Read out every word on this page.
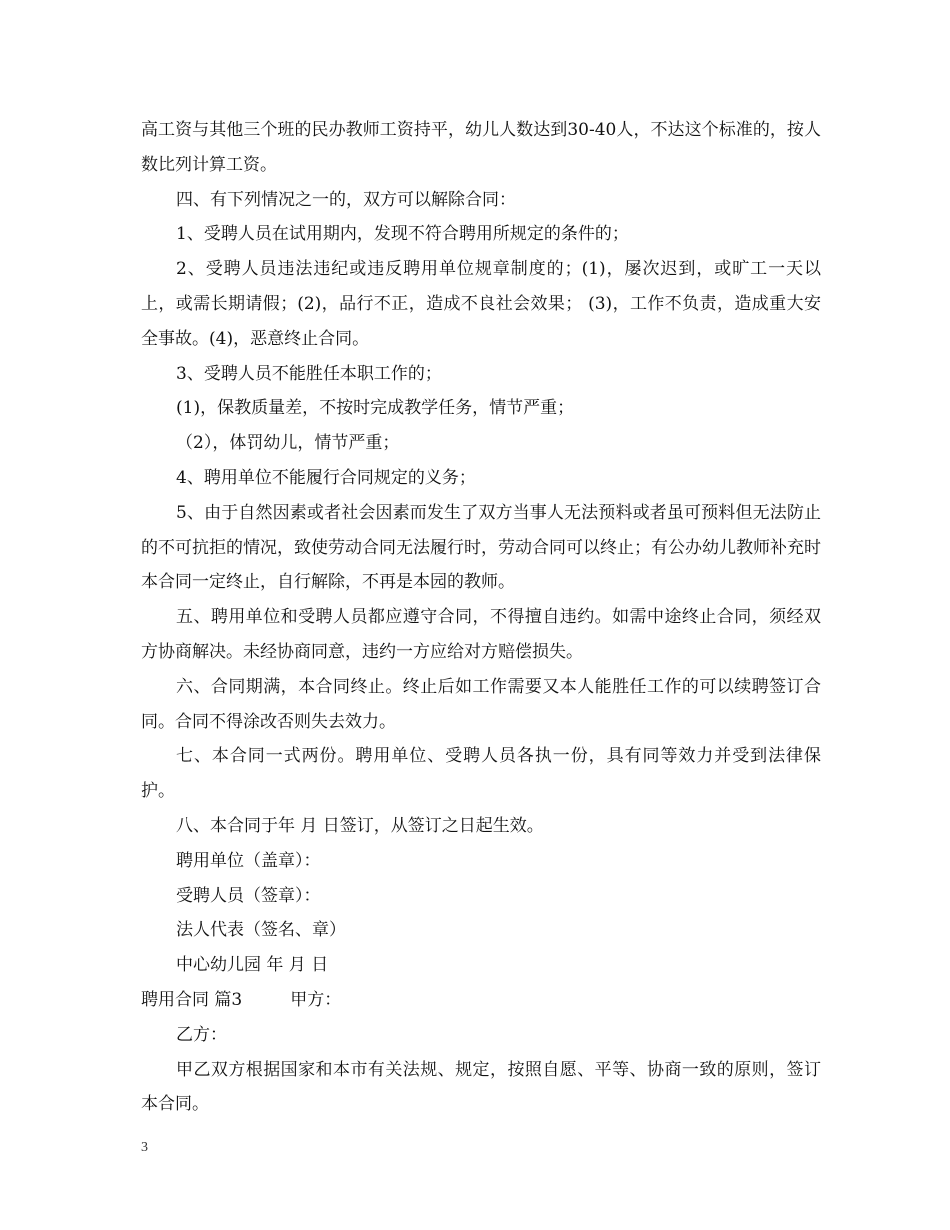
高工资与其他三个班的民办教师工资持平，幼儿人数达到30-40人，不达这个标准的，按人数比列计算工资。

四、有下列情况之一的，双方可以解除合同：

1、受聘人员在试用期内，发现不符合聘用所规定的条件的；

2、受聘人员违法违纪或违反聘用单位规章制度的；(1)，屡次迟到，或旷工一天以上，或需长期请假；(2)，品行不正，造成不良社会效果； (3)，工作不负责，造成重大安全事故。(4)，恶意终止合同。

3、受聘人员不能胜任本职工作的；

(1)，保教质量差，不按时完成教学任务，情节严重；

（2），体罚幼儿，情节严重；

4、聘用单位不能履行合同规定的义务；

5、由于自然因素或者社会因素而发生了双方当事人无法预料或者虽可预料但无法防止的不可抗拒的情况，致使劳动合同无法履行时，劳动合同可以终止；有公办幼儿教师补充时本合同一定终止，自行解除，不再是本园的教师。

五、聘用单位和受聘人员都应遵守合同，不得擅自违约。如需中途终止合同，须经双方协商解决。未经协商同意，违约一方应给对方赔偿损失。

六、合同期满，本合同终止。终止后如工作需要又本人能胜任工作的可以续聘签订合同。合同不得涂改否则失去效力。

七、本合同一式两份。聘用单位、受聘人员各执一份，具有同等效力并受到法律保护。

八、本合同于年 月 日签订，从签订之日起生效。

聘用单位（盖章）：

受聘人员（签章）：

法人代表（签名、章）

中心幼儿园 年 月 日

聘用合同 篇3	甲方：

乙方：

甲乙双方根据国家和本市有关法规、规定，按照自愿、平等、协商一致的原则，签订本合同。

3
